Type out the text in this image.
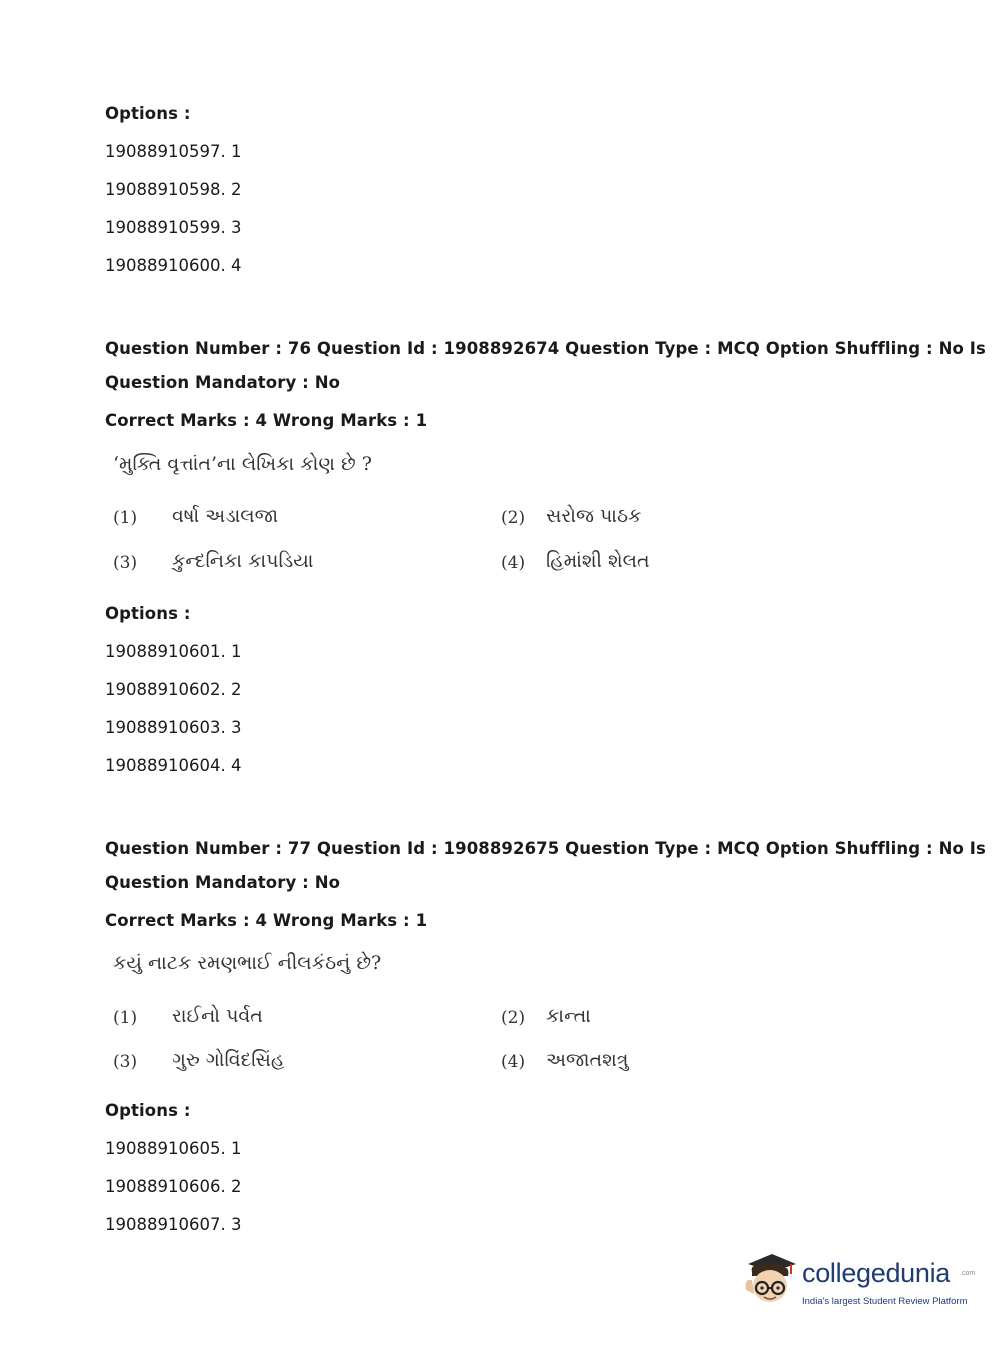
Options :
19088910597. 1
19088910598. 2
19088910599. 3
19088910600. 4
Question Number : 76 Question Id : 1908892674 Question Type : MCQ Option Shuffling : No Is
Question Mandatory : No
Correct Marks : 4 Wrong Marks : 1
‘મુક્તિ વૃત્તાંત’ના લેખિકા કોણ છે ?
(1) વર્ષા અડાલજા	(2) સરોજ પાઠક
(3) કુન્દનિકા કાપડિયા	(4) હિમાંશી શેલત
Options :
19088910601. 1
19088910602. 2
19088910603. 3
19088910604. 4
Question Number : 77 Question Id : 1908892675 Question Type : MCQ Option Shuffling : No Is
Question Mandatory : No
Correct Marks : 4 Wrong Marks : 1
કયું નાટક રમણભાઈ નીલકંઠનું છે?
(1) રાઈનો પર્વત	(2) કાન્તા
(3) ગુરુ ગોવિંદસિંહ	(4) અજાતશત્રુ
Options :
19088910605. 1
19088910606. 2
19088910607. 3
collegedunia .com
India's largest Student Review Platform
